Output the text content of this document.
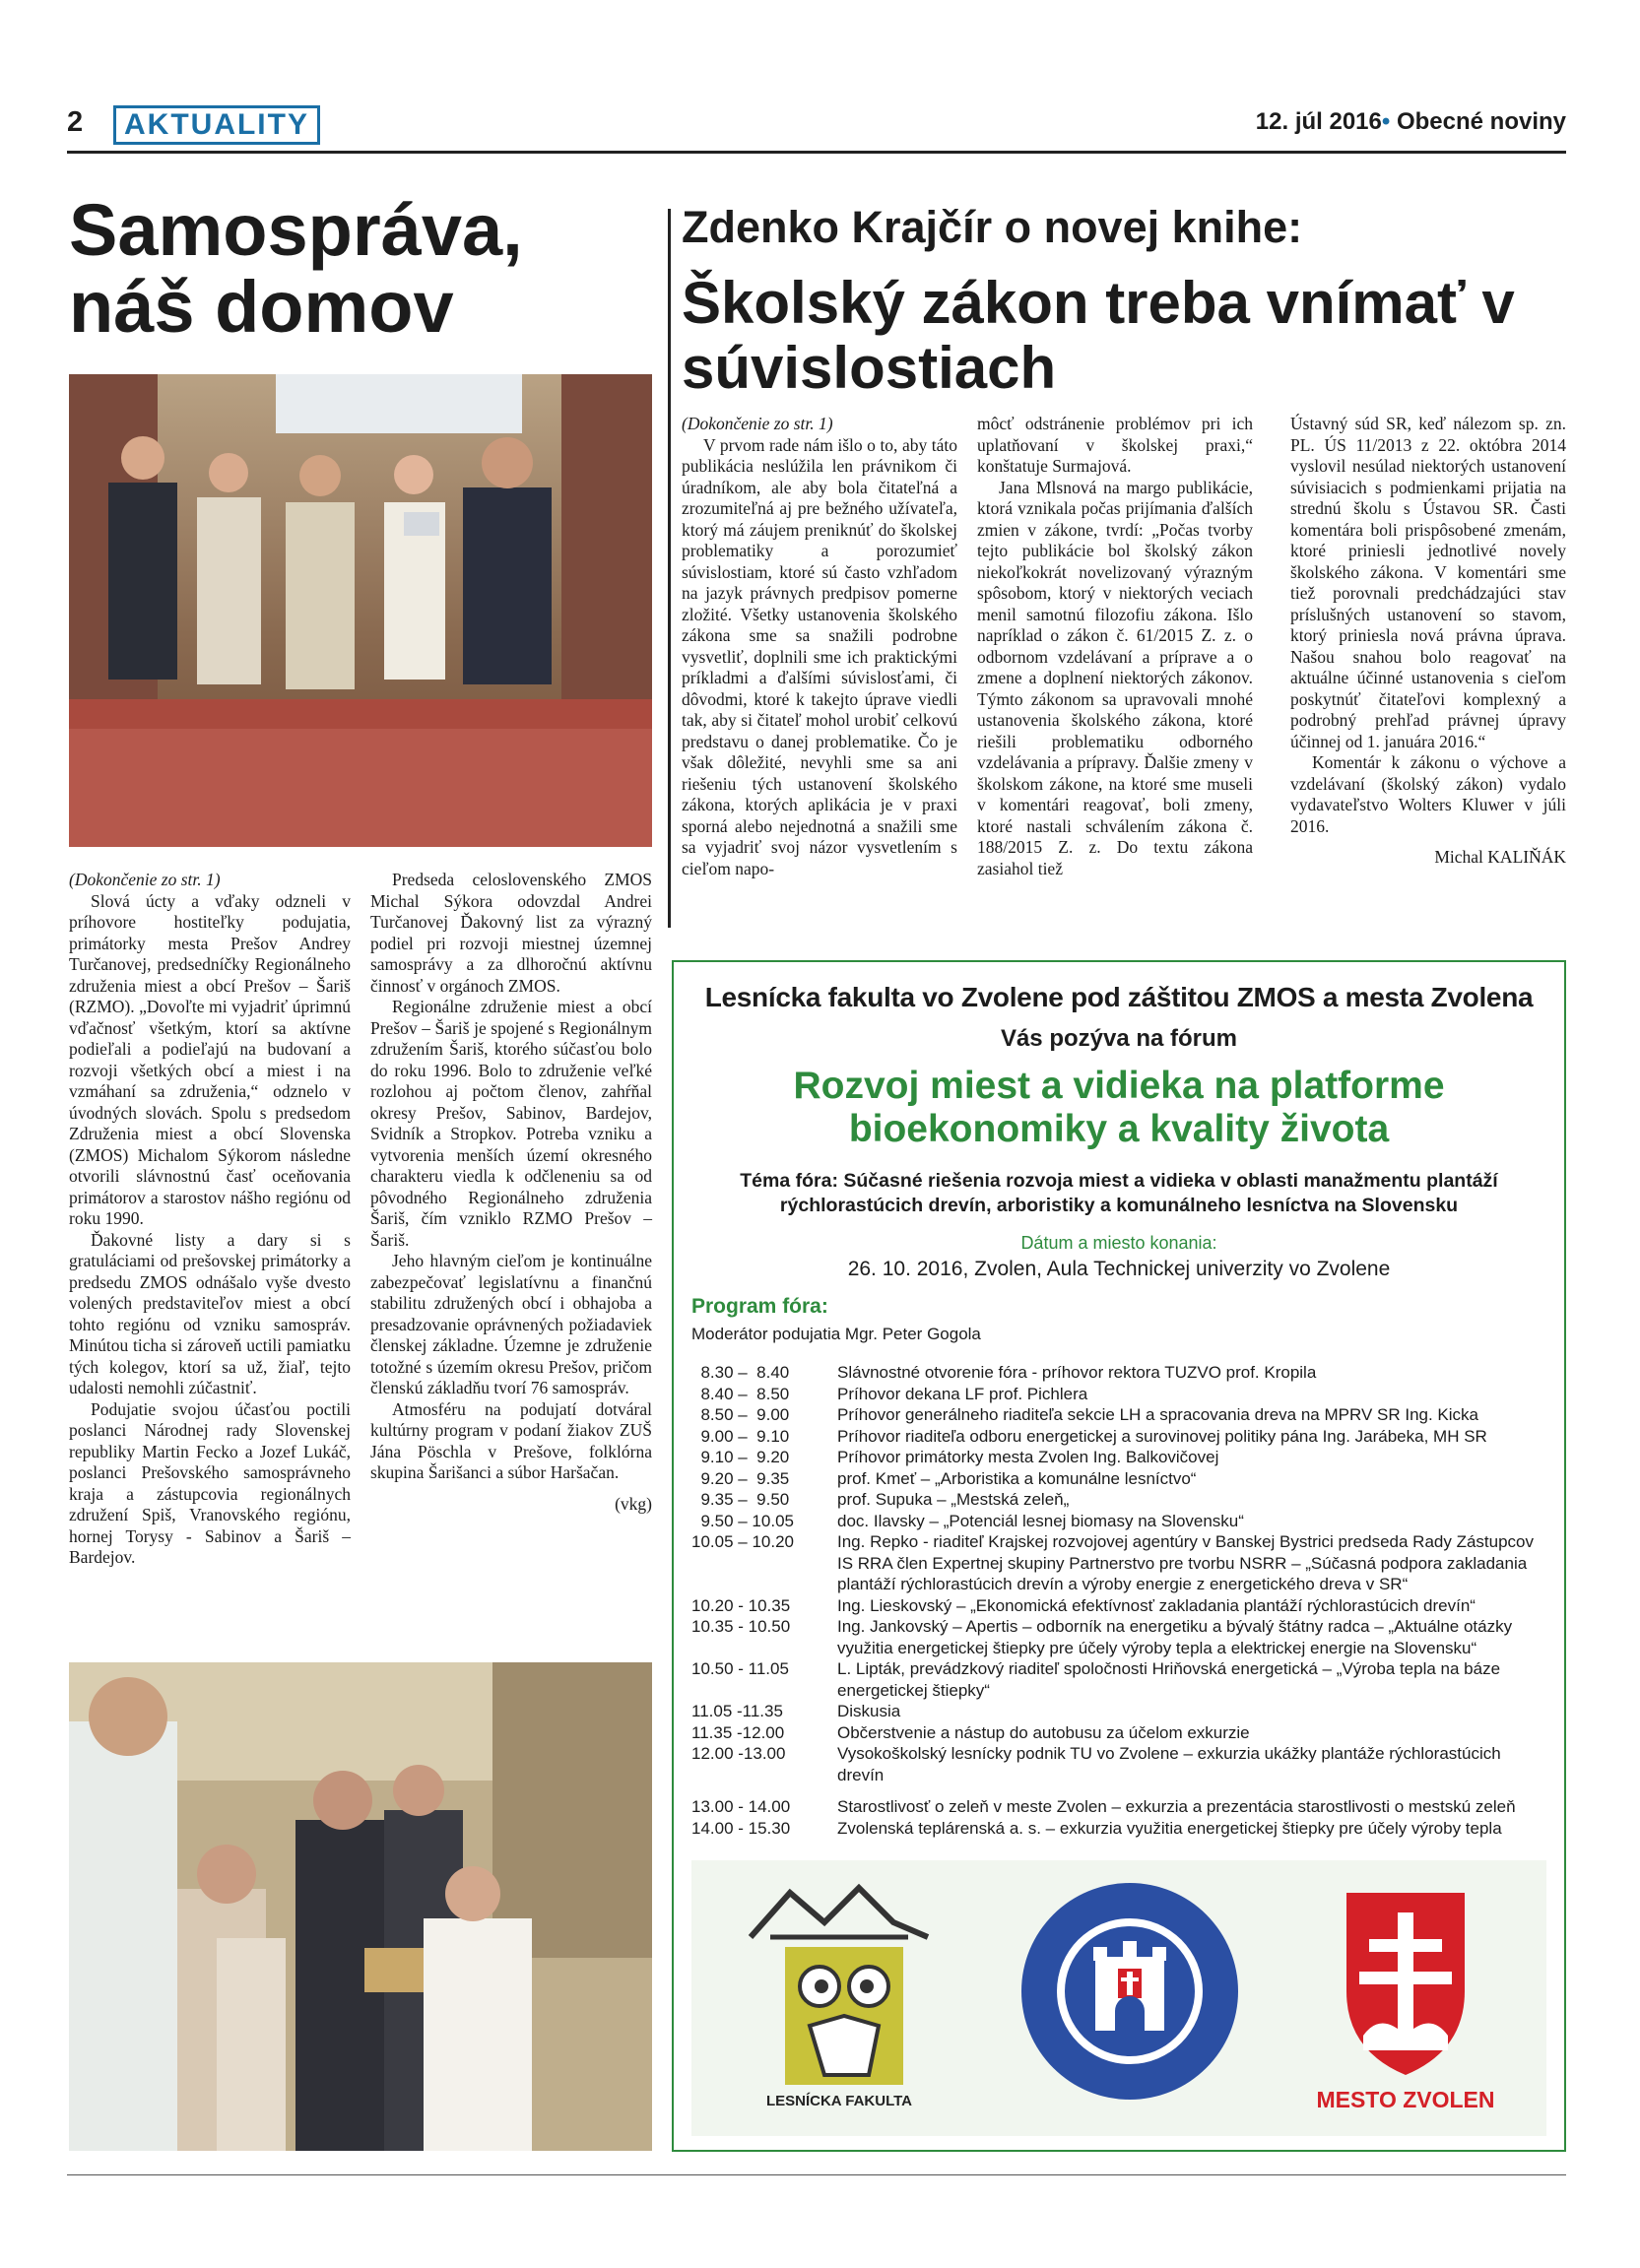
2	AKTUALITY	12. júl 2016• Obecné noviny
Samospráva, náš domov

(Dokončenie zo str. 1)

Slová úcty a vďaky odzneli v príhovore hostiteľky podujatia, primátorky mesta Prešov Andrey Turčanovej, predsedníčky Regionálneho združenia miest a obcí Prešov – Šariš (RZMO). „Dovoľte mi vyjadriť úprimnú vďačnosť všetkým, ktorí sa aktívne podieľali a podieľajú na budovaní a rozvoji všetkých obcí a miest i na vzmáhaní sa združenia,“ odznelo v úvodných slovách. Spolu s predsedom Združenia miest a obcí Slovenska (ZMOS) Michalom Sýkorom následne otvorili slávnostnú časť oceňovania primátorov a starostov nášho regiónu od roku 1990.

Ďakovné listy a dary si s gratuláciami od prešovskej primátorky a predsedu ZMOS odnášalo vyše dvesto volených predstaviteľov miest a obcí tohto regiónu od vzniku samospráv. Minútou ticha si zároveň uctili pamiatku tých kolegov, ktorí sa už, žiaľ, tejto udalosti nemohli zúčastniť.

Podujatie svojou účasťou poctili poslanci Národnej rady Slovenskej republiky Martin Fecko a Jozef Lukáč, poslanci Prešovského samosprávneho kraja a zástupcovia regionálnych združení Spiš, Vranovského regiónu, hornej Torysy - Sabinov a Šariš – Bardejov.

Predseda celoslovenského ZMOS Michal Sýkora odovzdal Andrei Turčanovej Ďakovný list za výrazný podiel pri rozvoji miestnej územnej samosprávy a za dlhoročnú aktívnu činnosť v orgánoch ZMOS.

Regionálne združenie miest a obcí Prešov – Šariš je spojené s Regionálnym združením Šariš, ktorého súčasťou bolo do roku 1996. Bolo to združenie veľké rozlohou aj počtom členov, zahŕňal okresy Prešov, Sabinov, Bardejov, Svidník a Stropkov. Potreba vzniku a vytvorenia menších území okresného charakteru viedla k odčleneniu sa od pôvodného Regionálneho združenia Šariš, čím vzniklo RZMO Prešov – Šariš.

Jeho hlavným cieľom je kontinuálne zabezpečovať legislatívnu a finančnú stabilitu združených obcí i obhajoba a presadzovanie oprávnených požiadaviek členskej základne. Územne je združenie totožné s územím okresu Prešov, pričom členskú základňu tvorí 76 samospráv.

Atmosféru na podujatí dotváral kultúrny program v podaní žiakov ZUŠ Jána Pöschla v Prešove, folklórna skupina Šarišanci a súbor Haršačan.

(vkg)

Zdenko Krajčír o novej knihe:
Školský zákon treba vnímať v súvislostiach

(Dokončenie zo str. 1)

V prvom rade nám išlo o to, aby táto publikácia neslúžila len právnikom či úradníkom, ale aby bola čitateľná a zrozumiteľná aj pre bežného užívateľa, ktorý má záujem preniknúť do školskej problematiky a porozumieť súvislostiam, ktoré sú často vzhľadom na jazyk právnych predpisov pomerne zložité. Všetky ustanovenia školského zákona sme sa snažili podrobne vysvetliť, doplnili sme ich praktickými príkladmi a ďalšími súvislosťami, či dôvodmi, ktoré k takejto úprave viedli tak, aby si čitateľ mohol urobiť celkovú predstavu o danej problematike. Čo je však dôležité, nevyhli sme sa ani riešeniu tých ustanovení školského zákona, ktorých aplikácia je v praxi sporná alebo nejednotná a snažili sme sa vyjadriť svoj názor vysvetlením s cieľom napo-

môcť odstránenie problémov pri ich uplatňovaní v školskej praxi,“ konštatuje Surmajová.

Jana Mlsnová na margo publikácie, ktorá vznikala počas prijímania ďalších zmien v zákone, tvrdí: „Počas tvorby tejto publikácie bol školský zákon niekoľkokrát novelizovaný výrazným spôsobom, ktorý v niektorých veciach menil samotnú filozofiu zákona. Išlo napríklad o zákon č. 61/2015 Z. z. o odbornom vzdelávaní a príprave a o zmene a doplnení niektorých zákonov. Týmto zákonom sa upravovali mnohé ustanovenia školského zákona, ktoré riešili problematiku odborného vzdelávania a prípravy. Ďalšie zmeny v školskom zákone, na ktoré sme museli v komentári reagovať, boli zmeny, ktoré nastali schválením zákona č. 188/2015 Z. z. Do textu zákona zasiahol tiež

Ústavný súd SR, keď nálezom sp. zn. PL. ÚS 11/2013 z 22. októbra 2014 vyslovil nesúlad niektorých ustanovení súvisiacich s podmienkami prijatia na strednú školu s Ústavou SR. Časti komentára boli prispôsobené zmenám, ktoré priniesli jednotlivé novely školského zákona. V komentári sme tiež porovnali predchádzajúci stav príslušných ustanovení so stavom, ktorý priniesla nová právna úprava. Našou snahou bolo reagovať na aktuálne účinné ustanovenia s cieľom poskytnúť čitateľovi komplexný a podrobný prehľad právnej úpravy účinnej od 1. januára 2016.“

Komentár k zákonu o výchove a vzdelávaní (školský zákon) vydalo vydavateľstvo Wolters Kluwer v júli 2016.

Michal KALIŇÁK

Lesnícka fakulta vo Zvolene pod záštitou ZMOS a mesta Zvolena
Vás pozýva na fórum
Rozvoj miest a vidieka na platforme bioekonomiky a kvality života
Téma fóra: Súčasné riešenia rozvoja miest a vidieka v oblasti manažmentu plantáží rýchlorastúcich drevín, arboristiky a komunálneho lesníctva na Slovensku
Dátum a miesto konania:
26. 10. 2016, Zvolen, Aula Technickej univerzity vo Zvolene
Program fóra:
Moderátor podujatia Mgr. Peter Gogola
8.30 –  8.40	Slávnostné otvorenie fóra - príhovor rektora TUZVO prof. Kropila
8.40 –  8.50	Príhovor dekana LF prof. Pichlera
8.50 –  9.00	Príhovor generálneho riaditeľa sekcie LH a spracovania dreva na MPRV SR Ing. Kicka
9.00 –  9.10	Príhovor riaditeľa odboru energetickej a surovinovej politiky pána Ing. Jarábeka, MH SR
9.10 –  9.20	Príhovor primátorky mesta Zvolen Ing. Balkovičovej
9.20 –  9.35	prof. Kmeť – „Arboristika a komunálne lesníctvo“
9.35 –  9.50	prof. Supuka – „Mestská zeleň„
9.50 – 10.05	doc. Ilavsky – „Potenciál lesnej biomasy na Slovensku“
10.05 – 10.20	Ing. Repko - riaditeľ Krajskej rozvojovej agentúry v Banskej Bystrici predseda Rady Zástupcov IS RRA člen Expertnej skupiny Partnerstvo pre tvorbu NSRR – „Súčasná podpora zakladania plantáží rýchlorastúcich drevín a výroby energie z energetického dreva v SR“
10.20 - 10.35	Ing. Lieskovský – „Ekonomická efektívnosť zakladania plantáží rýchlorastúcich drevín“
10.35 - 10.50	Ing. Jankovský – Apertis – odborník na energetiku a bývalý štátny radca – „Aktuálne otázky využitia energetickej štiepky pre účely výroby tepla a elektrickej energie na Slovensku“
10.50 - 11.05	L. Lipták, prevádzkový riaditeľ spoločnosti Hriňovská energetická – „Výroba tepla na báze energetickej štiepky“
11.05 -11.35	Diskusia
11.35 -12.00	Občerstvenie a nástup do autobusu za účelom exkurzie
12.00 -13.00	Vysokoškolský lesnícky podnik TU vo Zvolene – exkurzia ukážky plantáže rýchlorastúcich drevín
13.00 - 14.00	Starostlivosť o zeleň v meste Zvolen – exkurzia a prezentácia starostlivosti o mestskú zeleň
14.00 - 15.30	Zvolenská teplárenská a. s. – exkurzia využitia energetickej štiepky pre účely výroby tepla
LESNÍCKA FAKULTA	MESTO ZVOLEN
